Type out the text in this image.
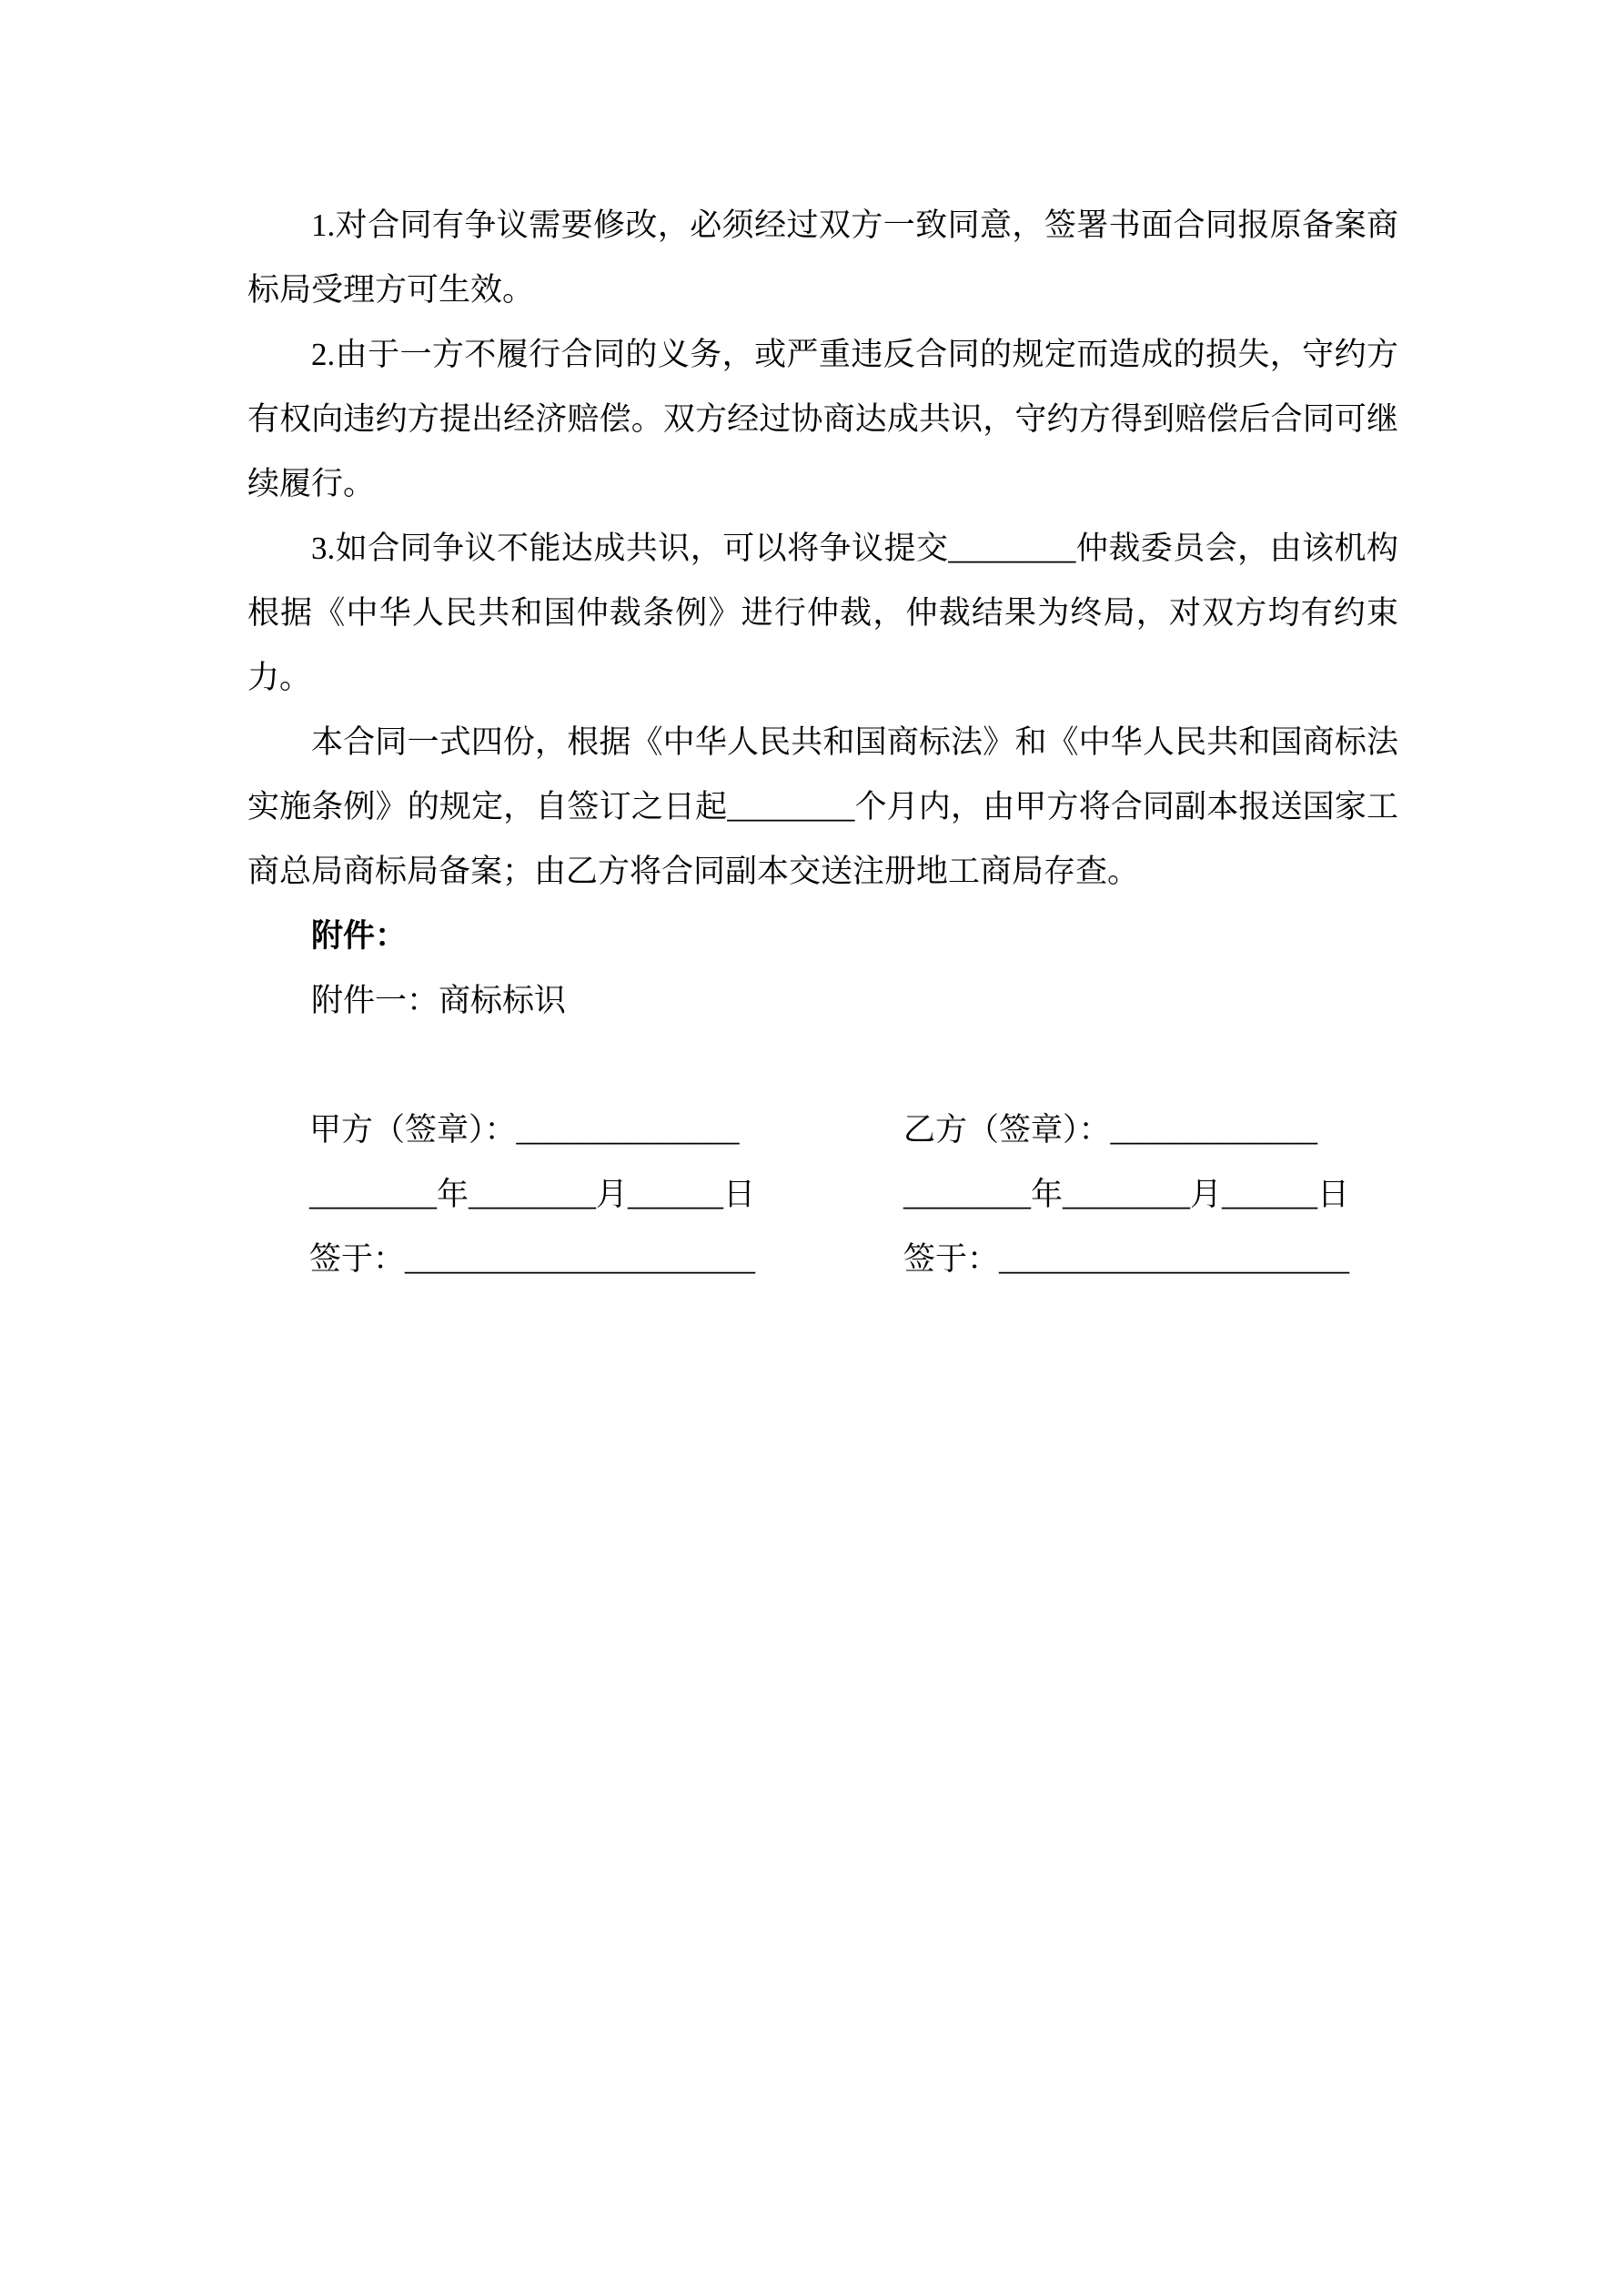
1.对合同有争议需要修改，必须经过双方一致同意，签署书面合同报原备案商标局受理方可生效。

2.由于一方不履行合同的义务，或严重违反合同的规定而造成的损失，守约方有权向违约方提出经济赔偿。双方经过协商达成共识，守约方得到赔偿后合同可继续履行。

3.如合同争议不能达成共识，可以将争议提交________仲裁委员会，由该机构根据《中华人民共和国仲裁条例》进行仲裁，仲裁结果为终局，对双方均有约束力。

本合同一式四份，根据《中华人民共和国商标法》和《中华人民共和国商标法实施条例》的规定，自签订之日起________个月内，由甲方将合同副本报送国家工商总局商标局备案；由乙方将合同副本交送注册地工商局存查。

附件：

附件一：商标标识

甲方（签章）：______________
________年________月______日
签于：______________________
乙方（签章）：_____________
________年________月______日
签于：______________________
